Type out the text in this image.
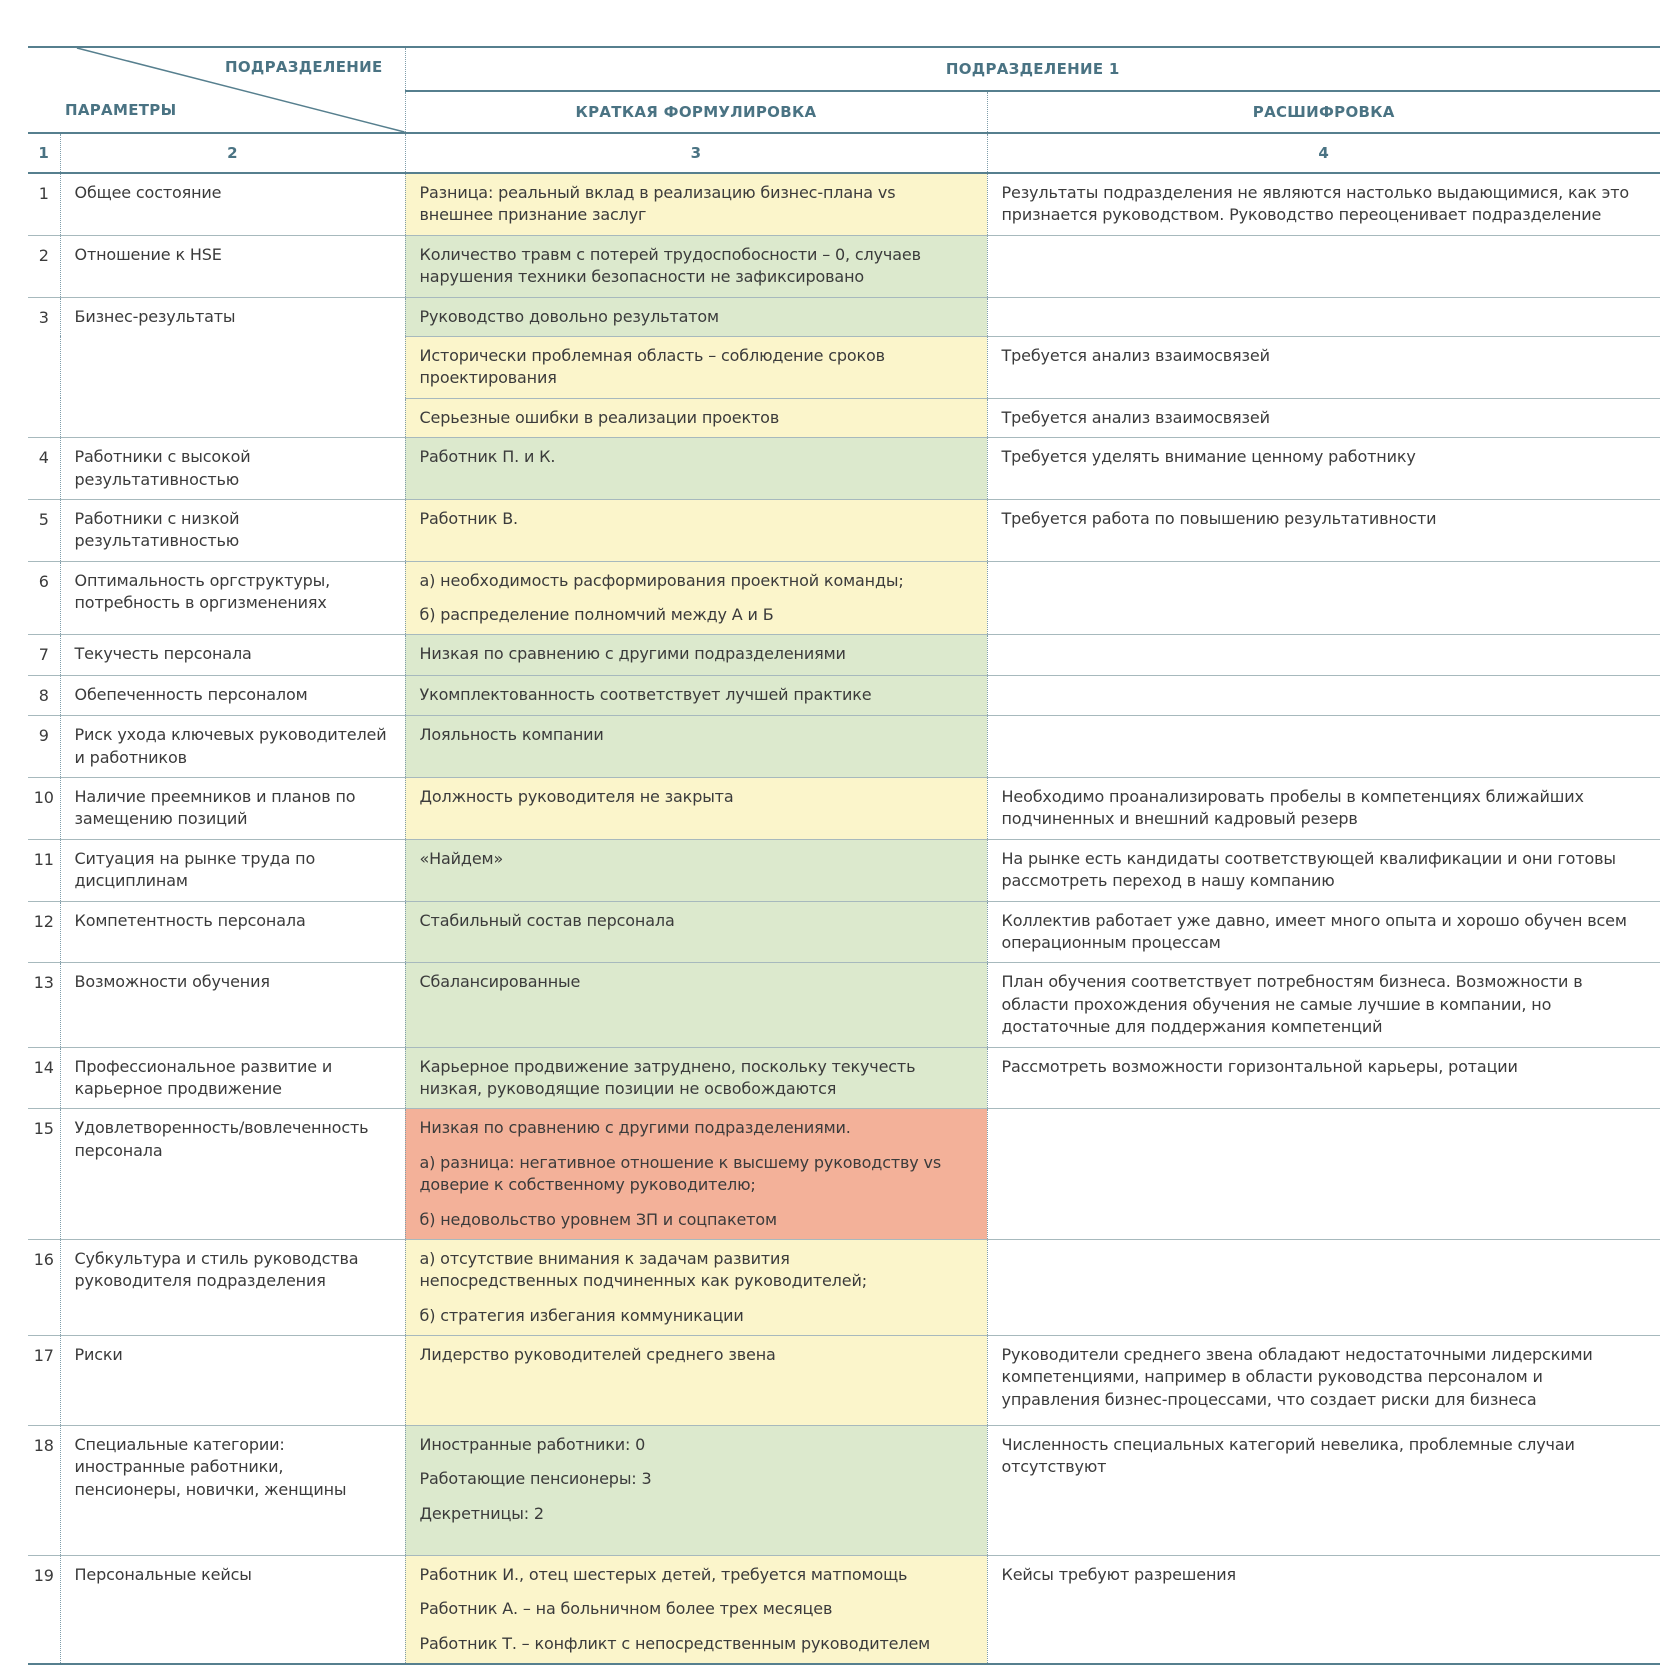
ПОДРАЗДЕЛЕНИЕ
ПАРАМЕТРЫ		ПОДРАЗДЕЛЕНИЕ 1	
		КРАТКАЯ ФОРМУЛИРОВКА	РАСШИФРОВКА
1	2	3	4
1	Общее состояние	Разница: реальный вклад в реализацию бизнес-плана vs внешнее признание заслуг	Результаты подразделения не являются настолько выдающимися, как это признается руководством. Руководство переоценивает подразделение
2	Отношение к HSE	Количество травм с потерей трудоспобосности – 0, случаев нарушения техники безопасности не зафиксировано	
3	Бизнес-результаты	Руководство довольно результатом	
		Исторически проблемная область – соблюдение сроков проектирования	Требуется анализ взаимосвязей
		Серьезные ошибки в реализации проектов	Требуется анализ взаимосвязей
4	Работники с высокой результативностью	Работник П. и К.	Требуется уделять внимание ценному работнику
5	Работники с низкой результативностью	Работник В.	Требуется работа по повышению результативности
6	Оптимальность оргструктуры, потребность в оргизменениях	а) необходимость расформирования проектной команды;

б) распределение полномчий между А и Б	

7	Текучесть персонала	Низкая по сравнению с другими подразделениями	
8	Обепеченность персоналом	Укомплектованность соответствует лучшей практике	
9	Риск ухода ключевых руководителей и работников	Лояльность компании	
10	Наличие преемников и планов по замещению позиций	Должность руководителя не закрыта	Необходимо проанализировать пробелы в компетенциях ближайших подчиненных и внешний кадровый резерв
11	Ситуация на рынке труда по дисциплинам	«Найдем»	На рынке есть кандидаты соответствующей квалификации и они готовы рассмотреть переход в нашу компанию
12	Компетентность персонала	Стабильный состав персонала	Коллектив работает уже давно, имеет много опыта и хорошо обучен всем операционным процессам
13	Возможности обучения	Сбалансированные	План обучения соответствует потребностям бизнеса. Возможности в области прохождения обучения не самые лучшие в компании, но достаточные для поддержания компетенций
14	Профессиональное развитие и карьерное продвижение	Карьерное продвижение затруднено, поскольку текучесть низкая, руководящие позиции не освобождаются	Рассмотреть возможности горизонтальной карьеры, ротации
15	Удовлетворенность/вовлеченность персонала	Низкая по сравнению с другими подразделениями.

а) разница: негативное отношение к высшему руководству vs доверие к собственному руководителю;

б) недовольство уровнем ЗП и соцпакетом	

16	Субкультура и стиль руководства руководителя подразделения	а) отсутствие внимания к задачам развития непосредственных подчиненных как руководителей;

б) стратегия избегания коммуникации	

17	Риски	Лидерство руководителей среднего звена	Руководители среднего звена обладают недостаточными лидерскими компетенциями, например в области руководства персоналом и управления бизнес-процессами, что создает риски для бизнеса
18	Специальные категории: иностранные работники, пенсионеры, новички, женщины	Иностранные работники: 0

Работающие пенсионеры: 3

Декретницы: 2	Численность специальных категорий невелика, проблемные случаи отсутствуют
19	Персональные кейсы	Работник И., отец шестерых детей, требуется матпомощь

Работник А. – на больничном более трех месяцев

Работник Т. – конфликт с непосредственным руководителем	Кейсы требуют разрешения
